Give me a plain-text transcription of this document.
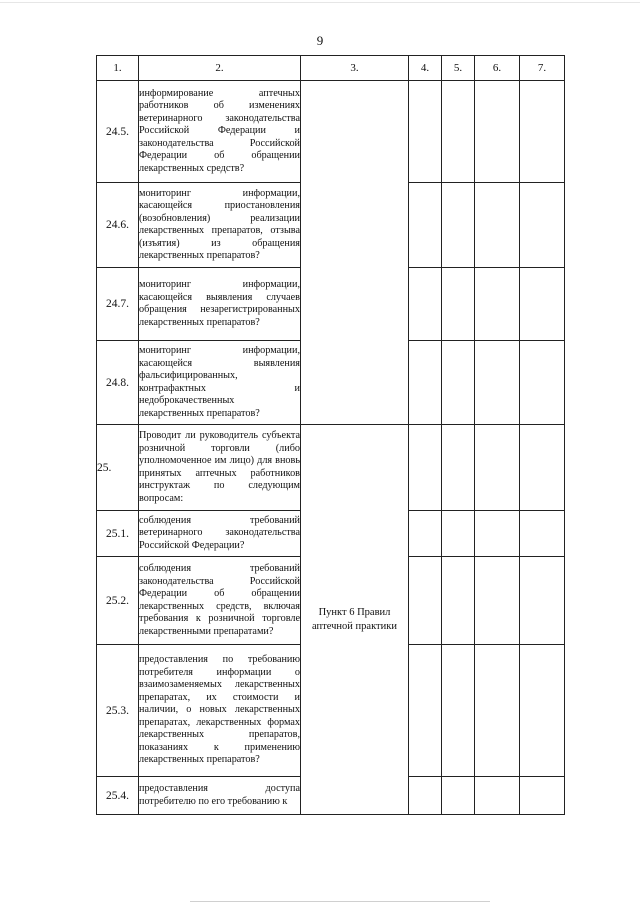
9
1.	2.	3.	4.	5.	6.	7.
24.5.	информирование аптечных работников об изменениях ветеринарного законодательства Российской Федерации и законодательства Российской Федерации об обращении лекарственных средств?					
24.6.	мониторинг информации, касающейся приостановления (возобновления) реализации лекарственных препаратов, отзыва (изъятия) из обращения лекарственных препаратов?					
24.7.	мониторинг информации, касающейся выявления случаев обращения незарегистрированных лекарственных препаратов?					
24.8.	мониторинг информации, касающейся выявления фальсифицированных, контрафактных и недоброкачественных лекарственных препаратов?					
25.	Проводит ли руководитель субъекта розничной торговли (либо уполномоченное им лицо) для вновь принятых аптечных работников инструктаж по следующим вопросам:	Пункт 6 Правил аптечной практики				
25.1.	соблюдения требований ветеринарного законодательства Российской Федерации?					
25.2.	соблюдения требований законодательства Российской Федерации об обращении лекарственных средств, включая требования к розничной торговле лекарственными препаратами?					
25.3.	предоставления по требованию потребителя информации о взаимозаменяемых лекарственных препаратах, их стоимости и наличии, о новых лекарственных препаратах, лекарственных формах лекарственных препаратов, показаниях к применению лекарственных препаратов?					
25.4.	предоставления доступа потребителю по его требованию к					
